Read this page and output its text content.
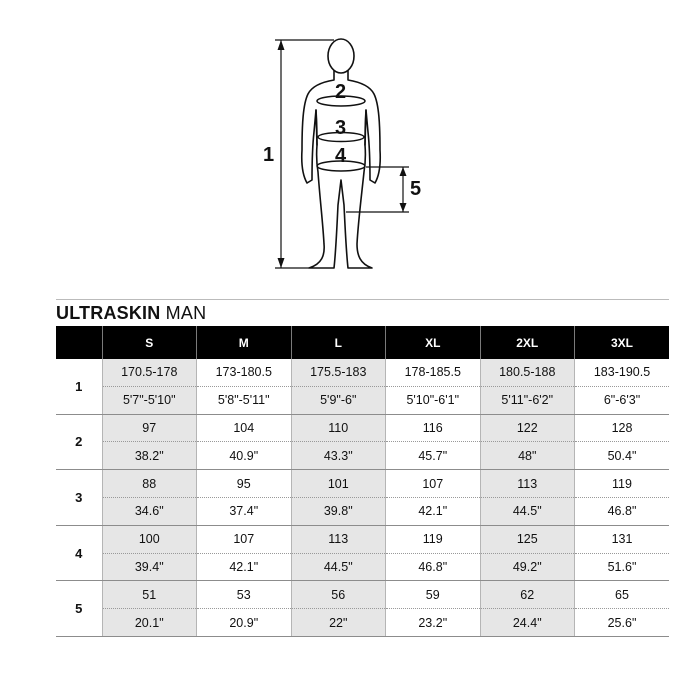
1
2
3
4
5
ULTRASKIN MAN
	S	M	L	XL	2XL	3XL
1	170.5-178	173-180.5	175.5-183	178-185.5	180.5-188	183-190.5
	5'7"-5'10"	5'8"-5'11"	5'9"-6"	5'10"-6'1"	5'11"-6'2"	6"-6'3"
2	97	104	110	116	122	128
	38.2"	40.9"	43.3"	45.7"	48"	50.4"
3	88	95	101	107	113	119
	34.6"	37.4"	39.8"	42.1"	44.5"	46.8"
4	100	107	113	119	125	131
	39.4"	42.1"	44.5"	46.8"	49.2"	51.6"
5	51	53	56	59	62	65
	20.1"	20.9"	22"	23.2"	24.4"	25.6"
